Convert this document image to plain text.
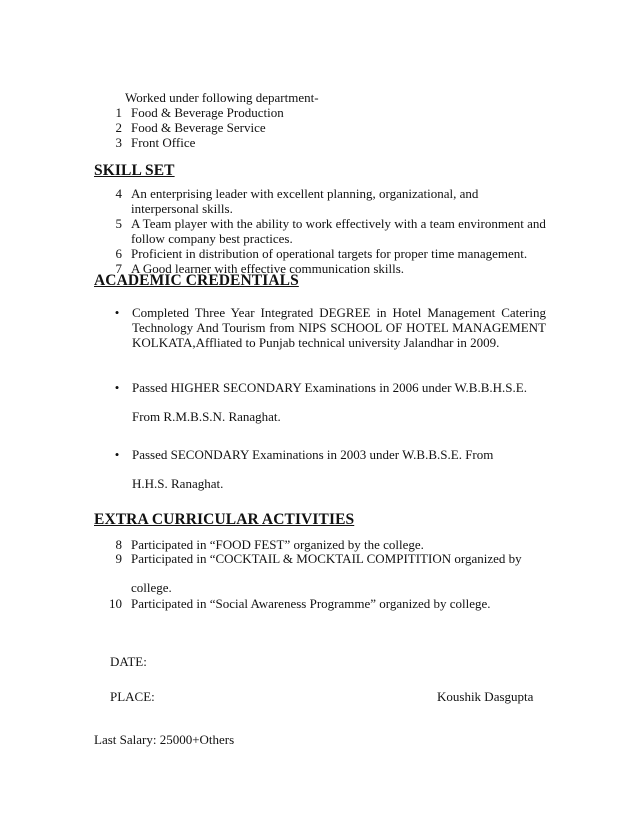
Worked under following department-
1 Food & Beverage Production
2 Food & Beverage Service
3 Front Office
SKILL SET
4 An enterprising leader with excellent planning, organizational, and interpersonal skills.
5 A Team player with the ability to work effectively with a team environment and follow company best practices.
6 Proficient in distribution of operational targets for proper time management.
7 A Good learner with effective communication skills.
ACADEMIC CREDENTIALS
• Completed Three Year Integrated DEGREE in Hotel Management Catering Technology And Tourism from NIPS SCHOOL OF HOTEL MANAGEMENT KOLKATA,Affliated to Punjab technical university Jalandhar in 2009.
• Passed HIGHER SECONDARY Examinations in 2006 under W.B.B.H.S.E. From R.M.B.S.N. Ranaghat.
• Passed SECONDARY Examinations in 2003 under W.B.B.S.E. From H.H.S. Ranaghat.
EXTRA CURRICULAR ACTIVITIES
8 Participated in “FOOD FEST” organized by the college.
9 Participated in “COCKTAIL & MOCKTAIL COMPITITION organized by college.
10 Participated in “Social Awareness Programme” organized by college.
DATE:
PLACE:	Koushik Dasgupta
Last Salary: 25000+Others
